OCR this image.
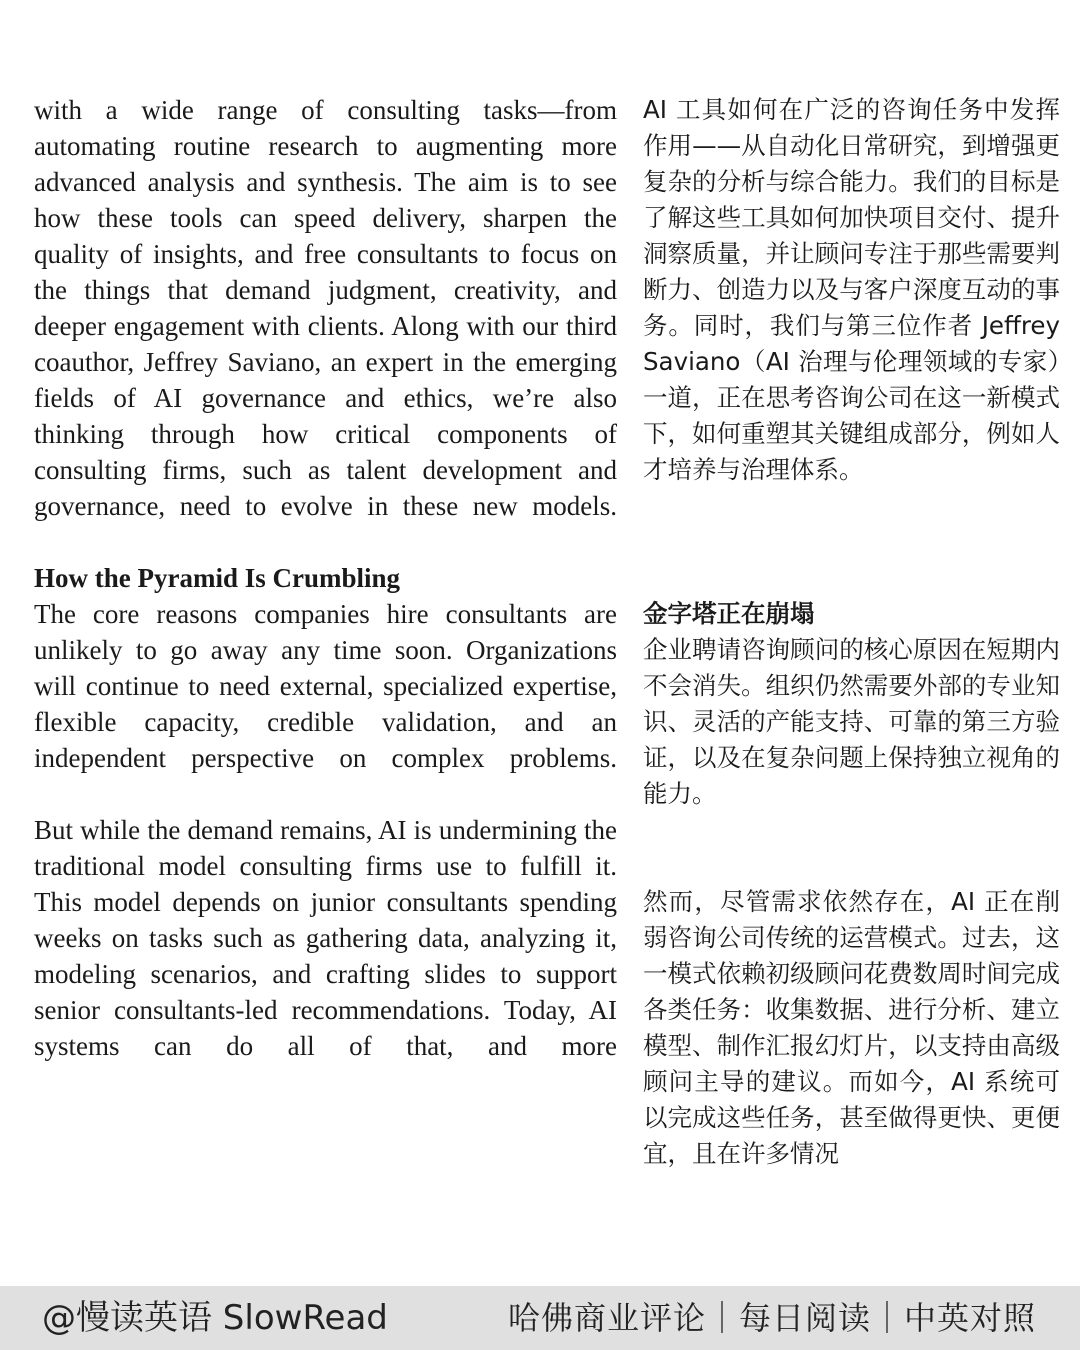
with a wide range of consulting tasks—from automating routine research to augmenting more advanced analysis and synthesis. The aim is to see how these tools can speed delivery, sharpen the quality of insights, and free consultants to focus on the things that demand judgment, creativity, and deeper engagement with clients. Along with our third coauthor, Jeffrey Saviano, an expert in the emerging fields of AI governance and ethics, we’re also thinking through how critical components of consulting firms, such as talent development and governance, need to evolve in these new models.

How the Pyramid Is Crumbling

The core reasons companies hire consultants are unlikely to go away any time soon. Organizations will continue to need external, specialized expertise, flexible capacity, credible validation, and an independent perspective on complex problems.

But while the demand remains, AI is undermining the traditional model consulting firms use to fulfill it. This model depends on junior consultants spending weeks on tasks such as gathering data, analyzing it, modeling scenarios, and crafting slides to support senior consultants-led recommendations. Today, AI systems can do all of that, and more

AI 工具如何在广泛的咨询任务中发挥作用——从自动化日常研究，到增强更复杂的分析与综合能力。我们的目标是了解这些工具如何加快项目交付、提升洞察质量，并让顾问专注于那些需要判断力、创造力以及与客户深度互动的事务。同时，我们与第三位作者 Jeffrey Saviano（AI 治理与伦理领域的专家）一道，正在思考咨询公司在这一新模式下，如何重塑其关键组成部分，例如人才培养与治理体系。

金字塔正在崩塌

企业聘请咨询顾问的核心原因在短期内不会消失。组织仍然需要外部的专业知识、灵活的产能支持、可靠的第三方验证，以及在复杂问题上保持独立视角的能力。

然而，尽管需求依然存在，AI 正在削弱咨询公司传统的运营模式。过去，这一模式依赖初级顾问花费数周时间完成各类任务：收集数据、进行分析、建立模型、制作汇报幻灯片，以支持由高级顾问主导的建议。而如今，AI 系统可以完成这些任务，甚至做得更快、更便宜，且在许多情况

@慢读英语 SlowRead	哈佛商业评论｜每日阅读｜中英对照
